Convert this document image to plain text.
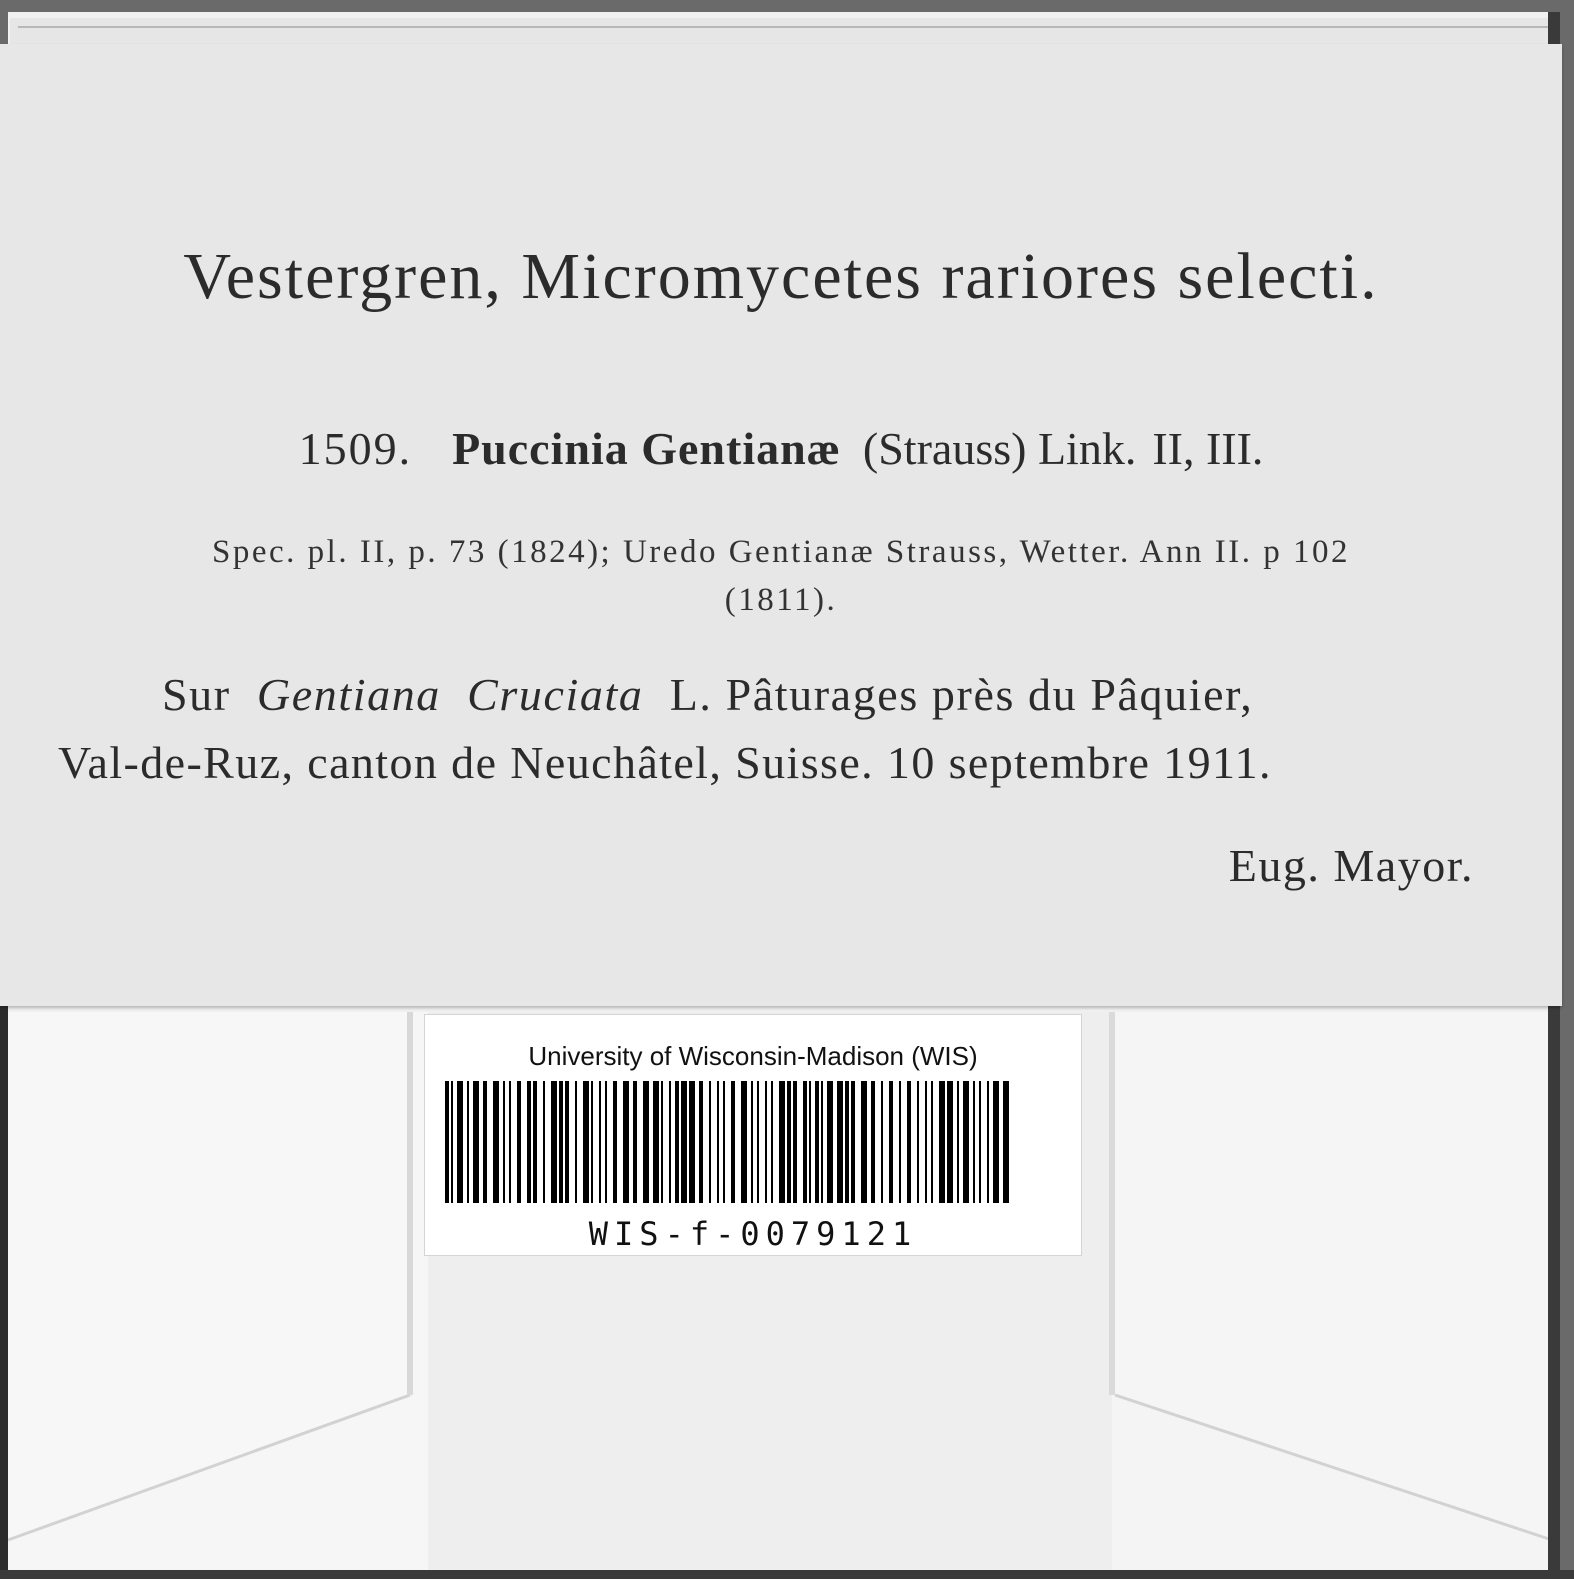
Vestergren, Micromycetes rariores selecti.
1509. Puccinia Gentianæ (Strauss) Link. II, III.
Spec. pl. II, p. 73 (1824); Uredo Gentianæ Strauss, Wetter. Ann II. p 102
(1811).
Sur Gentiana Cruciata L. Pâturages près du Pâquier,
Val-de-Ruz, canton de Neuchâtel, Suisse. 10 septembre 1911.
Eug. Mayor.
University of Wisconsin-Madison (WIS)
WIS-f-0079121
